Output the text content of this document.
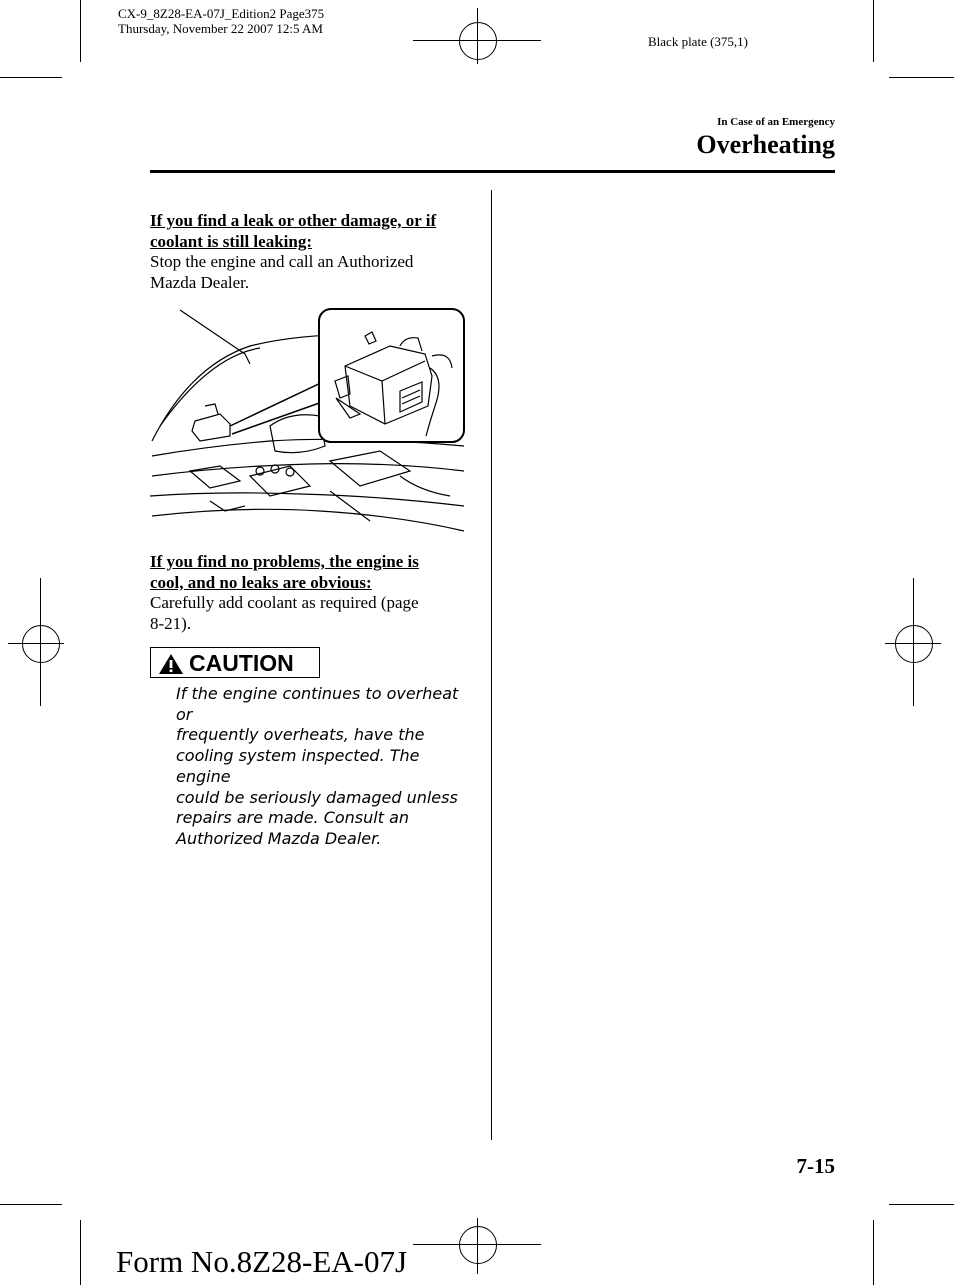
CX-9_8Z28-EA-07J_Edition2 Page375
Thursday, November 22 2007 12:5 AM
Black plate (375,1)
In Case of an Emergency
Overheating
If you find a leak or other damage, or if
coolant is still leaking:
Stop the engine and call an Authorized
Mazda Dealer.
If you find no problems, the engine is
cool, and no leaks are obvious:
Carefully add coolant as required (page
8-21).
CAUTION
If the engine continues to overheat or
frequently overheats, have the
cooling system inspected. The engine
could be seriously damaged unless
repairs are made. Consult an
Authorized Mazda Dealer.
7-15
Form No.8Z28-EA-07J
